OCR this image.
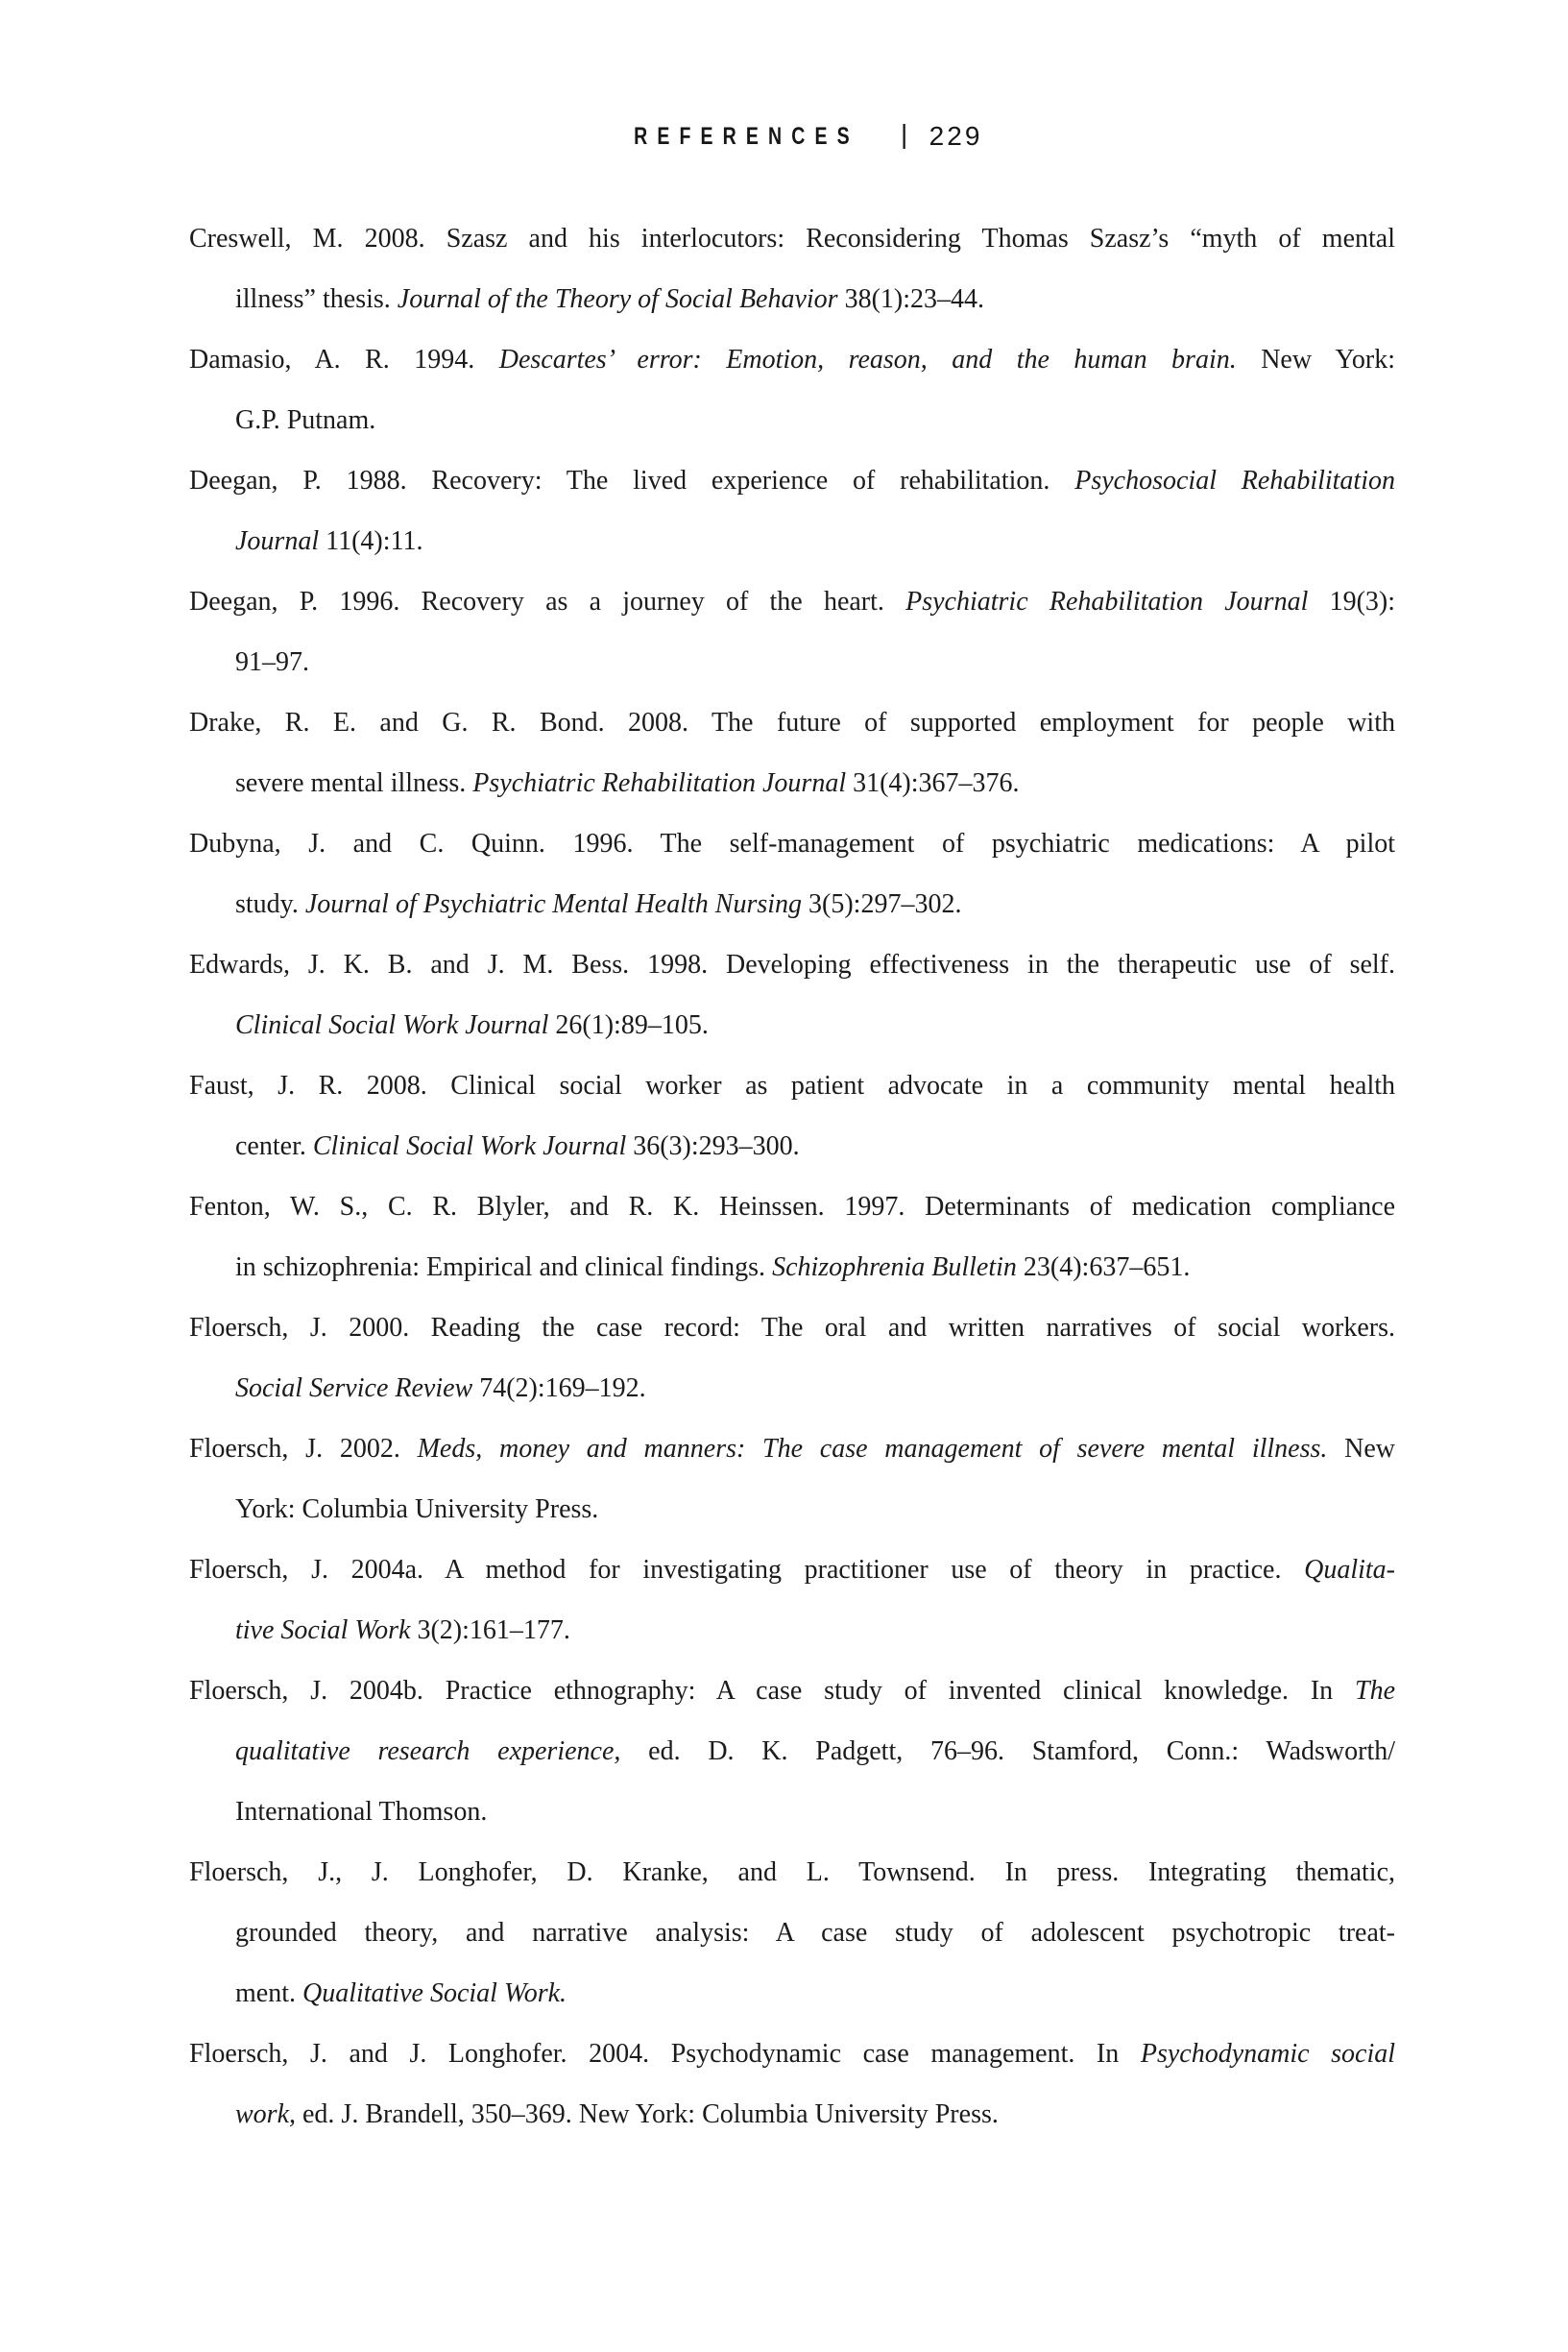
REFERENCES | 229

Creswell, M. 2008. Szasz and his interlocutors: Reconsidering Thomas Szasz’s “myth of mental
illness” thesis. Journal of the Theory of Social Behavior 38(1):23–44.

Damasio, A. R. 1994. Descartes’ error: Emotion, reason, and the human brain. New York:
G.P. Putnam.

Deegan, P. 1988. Recovery: The lived experience of rehabilitation. Psychosocial Rehabilitation
Journal 11(4):11.

Deegan, P. 1996. Recovery as a journey of the heart. Psychiatric Rehabilitation Journal 19(3):
91–97.

Drake, R. E. and G. R. Bond. 2008. The future of supported employment for people with
severe mental illness. Psychiatric Rehabilitation Journal 31(4):367–376.

Dubyna, J. and C. Quinn. 1996. The self-management of psychiatric medications: A pilot
study. Journal of Psychiatric Mental Health Nursing 3(5):297–302.

Edwards, J. K. B. and J. M. Bess. 1998. Developing effectiveness in the therapeutic use of self.
Clinical Social Work Journal 26(1):89–105.

Faust, J. R. 2008. Clinical social worker as patient advocate in a community mental health
center. Clinical Social Work Journal 36(3):293–300.

Fenton, W. S., C. R. Blyler, and R. K. Heinssen. 1997. Determinants of medication compliance
in schizophrenia: Empirical and clinical findings. Schizophrenia Bulletin 23(4):637–651.

Floersch, J. 2000. Reading the case record: The oral and written narratives of social workers.
Social Service Review 74(2):169–192.

Floersch, J. 2002. Meds, money and manners: The case management of severe mental illness. New
York: Columbia University Press.

Floersch, J. 2004a. A method for investigating practitioner use of theory in practice. Qualita-
tive Social Work 3(2):161–177.

Floersch, J. 2004b. Practice ethnography: A case study of invented clinical knowledge. In The
qualitative research experience, ed. D. K. Padgett, 76–96. Stamford, Conn.: Wadsworth/
International Thomson.

Floersch, J., J. Longhofer, D. Kranke, and L. Townsend. In press. Integrating thematic,
grounded theory, and narrative analysis: A case study of adolescent psychotropic treat-
ment. Qualitative Social Work.

Floersch, J. and J. Longhofer. 2004. Psychodynamic case management. In Psychodynamic social
work, ed. J. Brandell, 350–369. New York: Columbia University Press.
